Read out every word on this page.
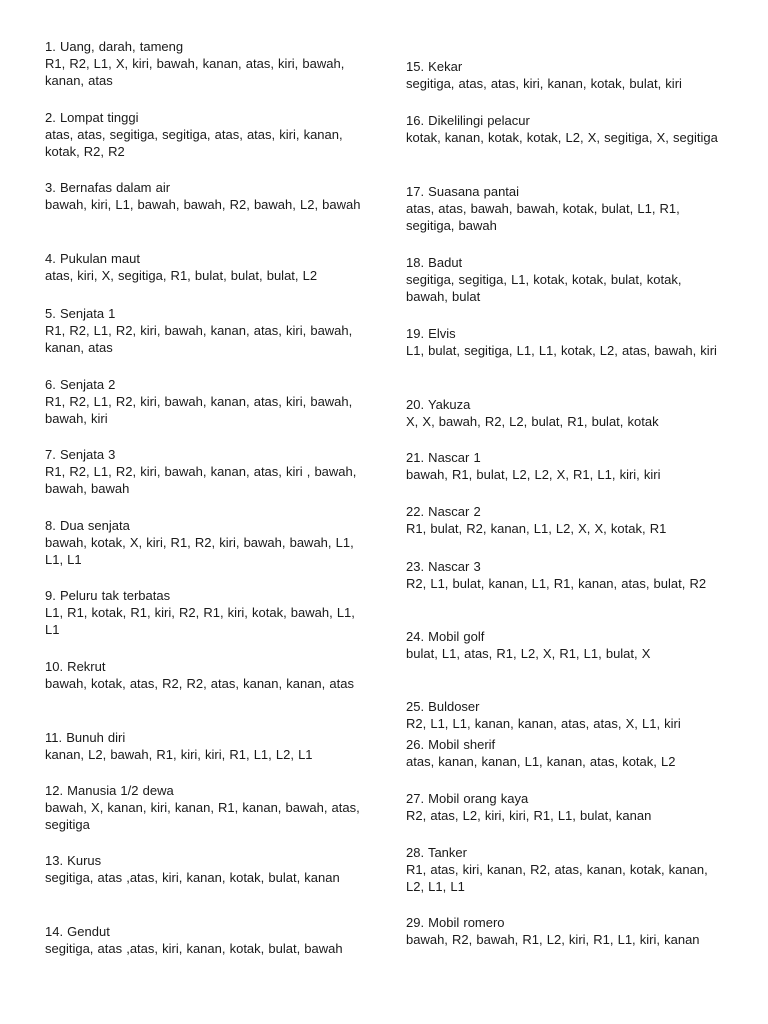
1. Uang, darah, tameng
R1, R2, L1, X, kiri, bawah, kanan, atas, kiri, bawah, kanan, atas
2. Lompat tinggi
atas, atas, segitiga, segitiga, atas, atas, kiri, kanan, kotak, R2, R2
3. Bernafas dalam air
bawah, kiri, L1, bawah, bawah, R2, bawah, L2, bawah
4. Pukulan maut
atas, kiri, X, segitiga, R1, bulat, bulat, bulat, L2
5. Senjata 1
R1, R2, L1, R2, kiri, bawah, kanan, atas, kiri, bawah, kanan, atas
6. Senjata 2
R1, R2, L1, R2, kiri, bawah, kanan, atas, kiri, bawah, bawah, kiri
7. Senjata 3
R1, R2, L1, R2, kiri, bawah, kanan, atas, kiri , bawah, bawah, bawah
8. Dua senjata
bawah, kotak, X, kiri, R1, R2, kiri, bawah, bawah, L1, L1, L1
9. Peluru tak terbatas
L1, R1, kotak, R1, kiri, R2, R1, kiri, kotak, bawah, L1, L1
10. Rekrut
bawah, kotak, atas, R2, R2, atas, kanan, kanan, atas
11. Bunuh diri
kanan, L2, bawah, R1, kiri, kiri, R1, L1, L2, L1
12. Manusia 1/2 dewa
bawah, X, kanan, kiri, kanan, R1, kanan, bawah, atas, segitiga
13. Kurus
segitiga, atas ,atas, kiri, kanan, kotak, bulat, kanan
14. Gendut
segitiga, atas ,atas, kiri, kanan, kotak, bulat, bawah
15. Kekar
segitiga, atas, atas, kiri, kanan, kotak, bulat, kiri
16. Dikelilingi pelacur
kotak, kanan, kotak, kotak, L2, X, segitiga, X, segitiga
17. Suasana pantai
atas, atas, bawah, bawah, kotak, bulat, L1, R1, segitiga, bawah
18. Badut
segitiga, segitiga, L1, kotak, kotak, bulat, kotak, bawah, bulat
19. Elvis
L1, bulat, segitiga, L1, L1, kotak, L2, atas, bawah, kiri
20. Yakuza
X, X, bawah, R2, L2, bulat, R1, bulat, kotak
21. Nascar 1
bawah, R1, bulat, L2, L2, X, R1, L1, kiri, kiri
22. Nascar 2
R1, bulat, R2, kanan, L1, L2, X, X, kotak, R1
23. Nascar 3
R2, L1, bulat, kanan, L1, R1, kanan, atas, bulat, R2
24. Mobil golf
bulat, L1, atas, R1, L2, X, R1, L1, bulat, X
25. Buldoser
R2, L1, L1, kanan, kanan, atas, atas, X, L1, kiri
26. Mobil sherif
atas, kanan, kanan, L1, kanan, atas, kotak, L2
27. Mobil orang kaya
R2, atas, L2, kiri, kiri, R1, L1, bulat, kanan
28. Tanker
R1, atas, kiri, kanan, R2, atas, kanan, kotak, kanan, L2, L1, L1
29. Mobil romero
bawah, R2, bawah, R1, L2, kiri, R1, L1, kiri, kanan
